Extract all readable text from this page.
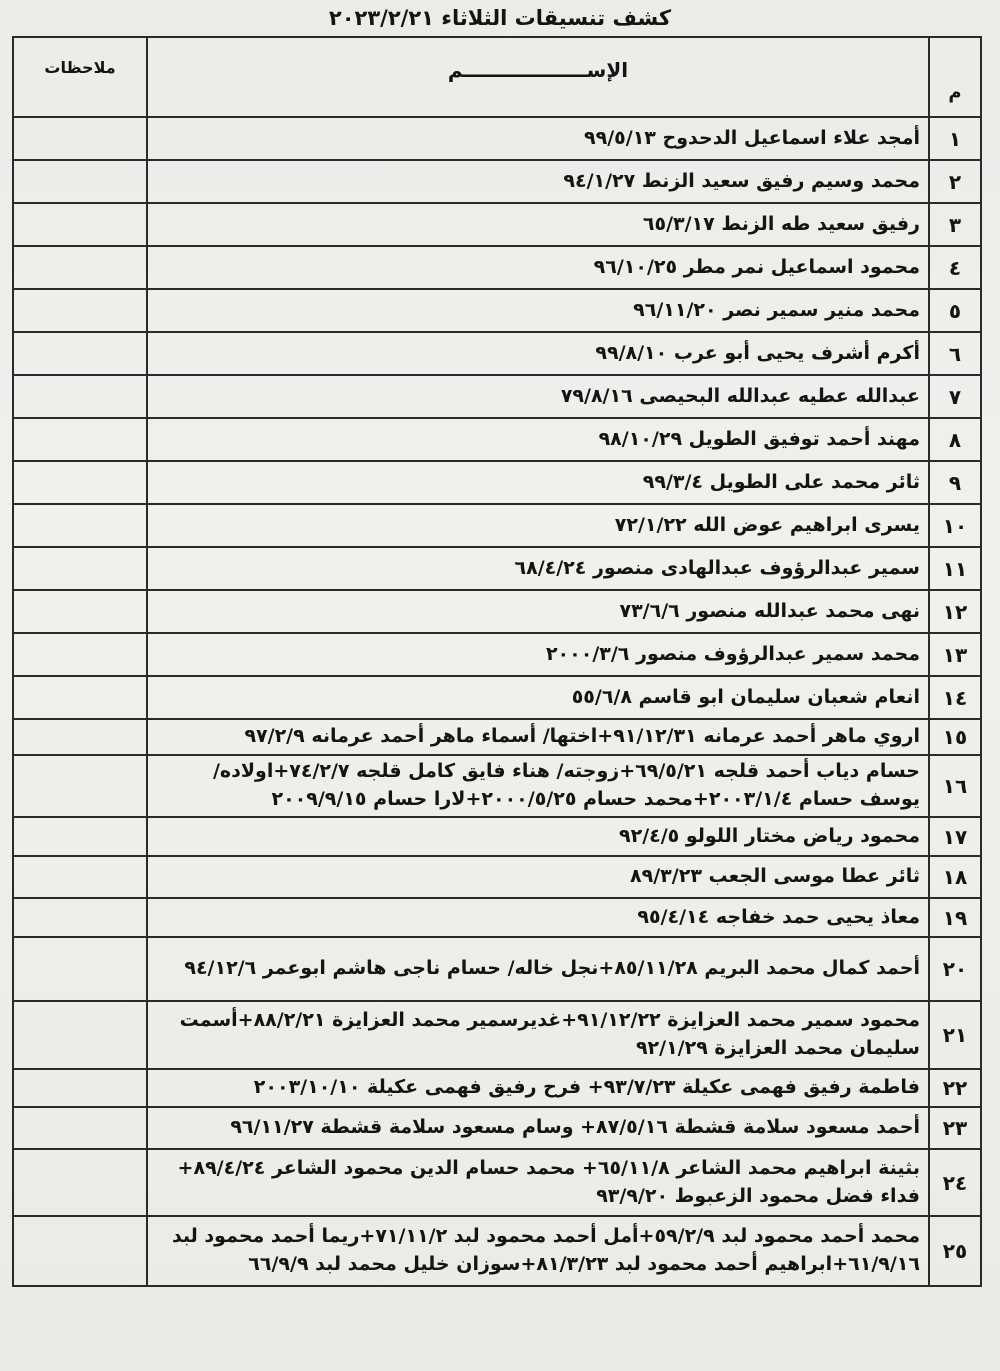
كشف تنسيقات الثلاثاء ٢٠٢٣/٢/٢١
م	الإســــــــــــــــــم	ملاحظات
١	أمجد علاء اسماعيل الدحدوح ٩٩/٥/١٣	
٢	محمد وسيم رفيق سعيد الزنط ٩٤/١/٢٧	
٣	رفيق سعيد طه الزنط ٦٥/٣/١٧	
٤	محمود اسماعيل نمر مطر ٩٦/١٠/٢٥	
٥	محمد منير سمير نصر ٩٦/١١/٢٠	
٦	أكرم أشرف يحيى أبو عرب ٩٩/٨/١٠	
٧	عبدالله عطيه عبدالله البحيصى ٧٩/٨/١٦	
٨	مهند أحمد توفيق الطويل ٩٨/١٠/٢٩	
٩	ثائر محمد على الطويل ٩٩/٣/٤	
١٠	يسرى ابراهيم عوض الله ٧٢/١/٢٢	
١١	سمير عبدالرؤوف عبدالهادى منصور ٦٨/٤/٢٤	
١٢	نهى محمد عبدالله منصور ٧٣/٦/٦	
١٣	محمد سمير عبدالرؤوف منصور ٢٠٠٠/٣/٦	
١٤	انعام شعبان سليمان ابو قاسم ٥٥/٦/٨	
١٥	اروي ماهر أحمد عرمانه ٩١/١٢/٣١+اختها/ أسماء ماهر أحمد عرمانه ٩٧/٢/٩	
١٦	حسام دياب أحمد قلجه ٦٩/٥/٢١+زوجته/ هناء فايق كامل قلجه ٧٤/٢/٧+اولاده/يوسف حسام ٢٠٠٣/١/٤+محمد حسام ٢٠٠٠/٥/٢٥+لارا حسام ٢٠٠٩/٩/١٥	
١٧	محمود رياض مختار اللولو ٩٢/٤/٥	
١٨	ثائر عطا موسى الجعب ٨٩/٣/٢٣	
١٩	معاذ يحيى حمد خفاجه ٩٥/٤/١٤	
٢٠	أحمد كمال محمد البريم ٨٥/١١/٢٨+نجل خاله/ حسام ناجى هاشم ابوعمر ٩٤/١٢/٦	
٢١	محمود سمير محمد العزايزة ٩١/١٢/٢٢+غديرسمير محمد العزايزة ٨٨/٢/٢١+أسمت سليمان محمد العزايزة ٩٢/١/٢٩	
٢٢	فاطمة رفيق فهمى عكيلة ٩٣/٧/٢٣+ فرح رفيق فهمى عكيلة ٢٠٠٣/١٠/١٠	
٢٣	أحمد مسعود سلامة قشطة ٨٧/٥/١٦+ وسام مسعود سلامة قشطة ٩٦/١١/٢٧	
٢٤	بثينة ابراهيم محمد الشاعر ٦٥/١١/٨+ محمد حسام الدين محمود الشاعر ٨٩/٤/٢٤+ فداء فضل محمود الزعبوط ٩٣/٩/٢٠	
٢٥	محمد أحمد محمود لبد ٥٩/٢/٩+أمل أحمد محمود لبد ٧١/١١/٢+ريما أحمد محمود لبد ٦١/٩/١٦+ابراهيم أحمد محمود لبد ٨١/٣/٢٣+سوزان خليل محمد لبد ٦٦/٩/٩	
